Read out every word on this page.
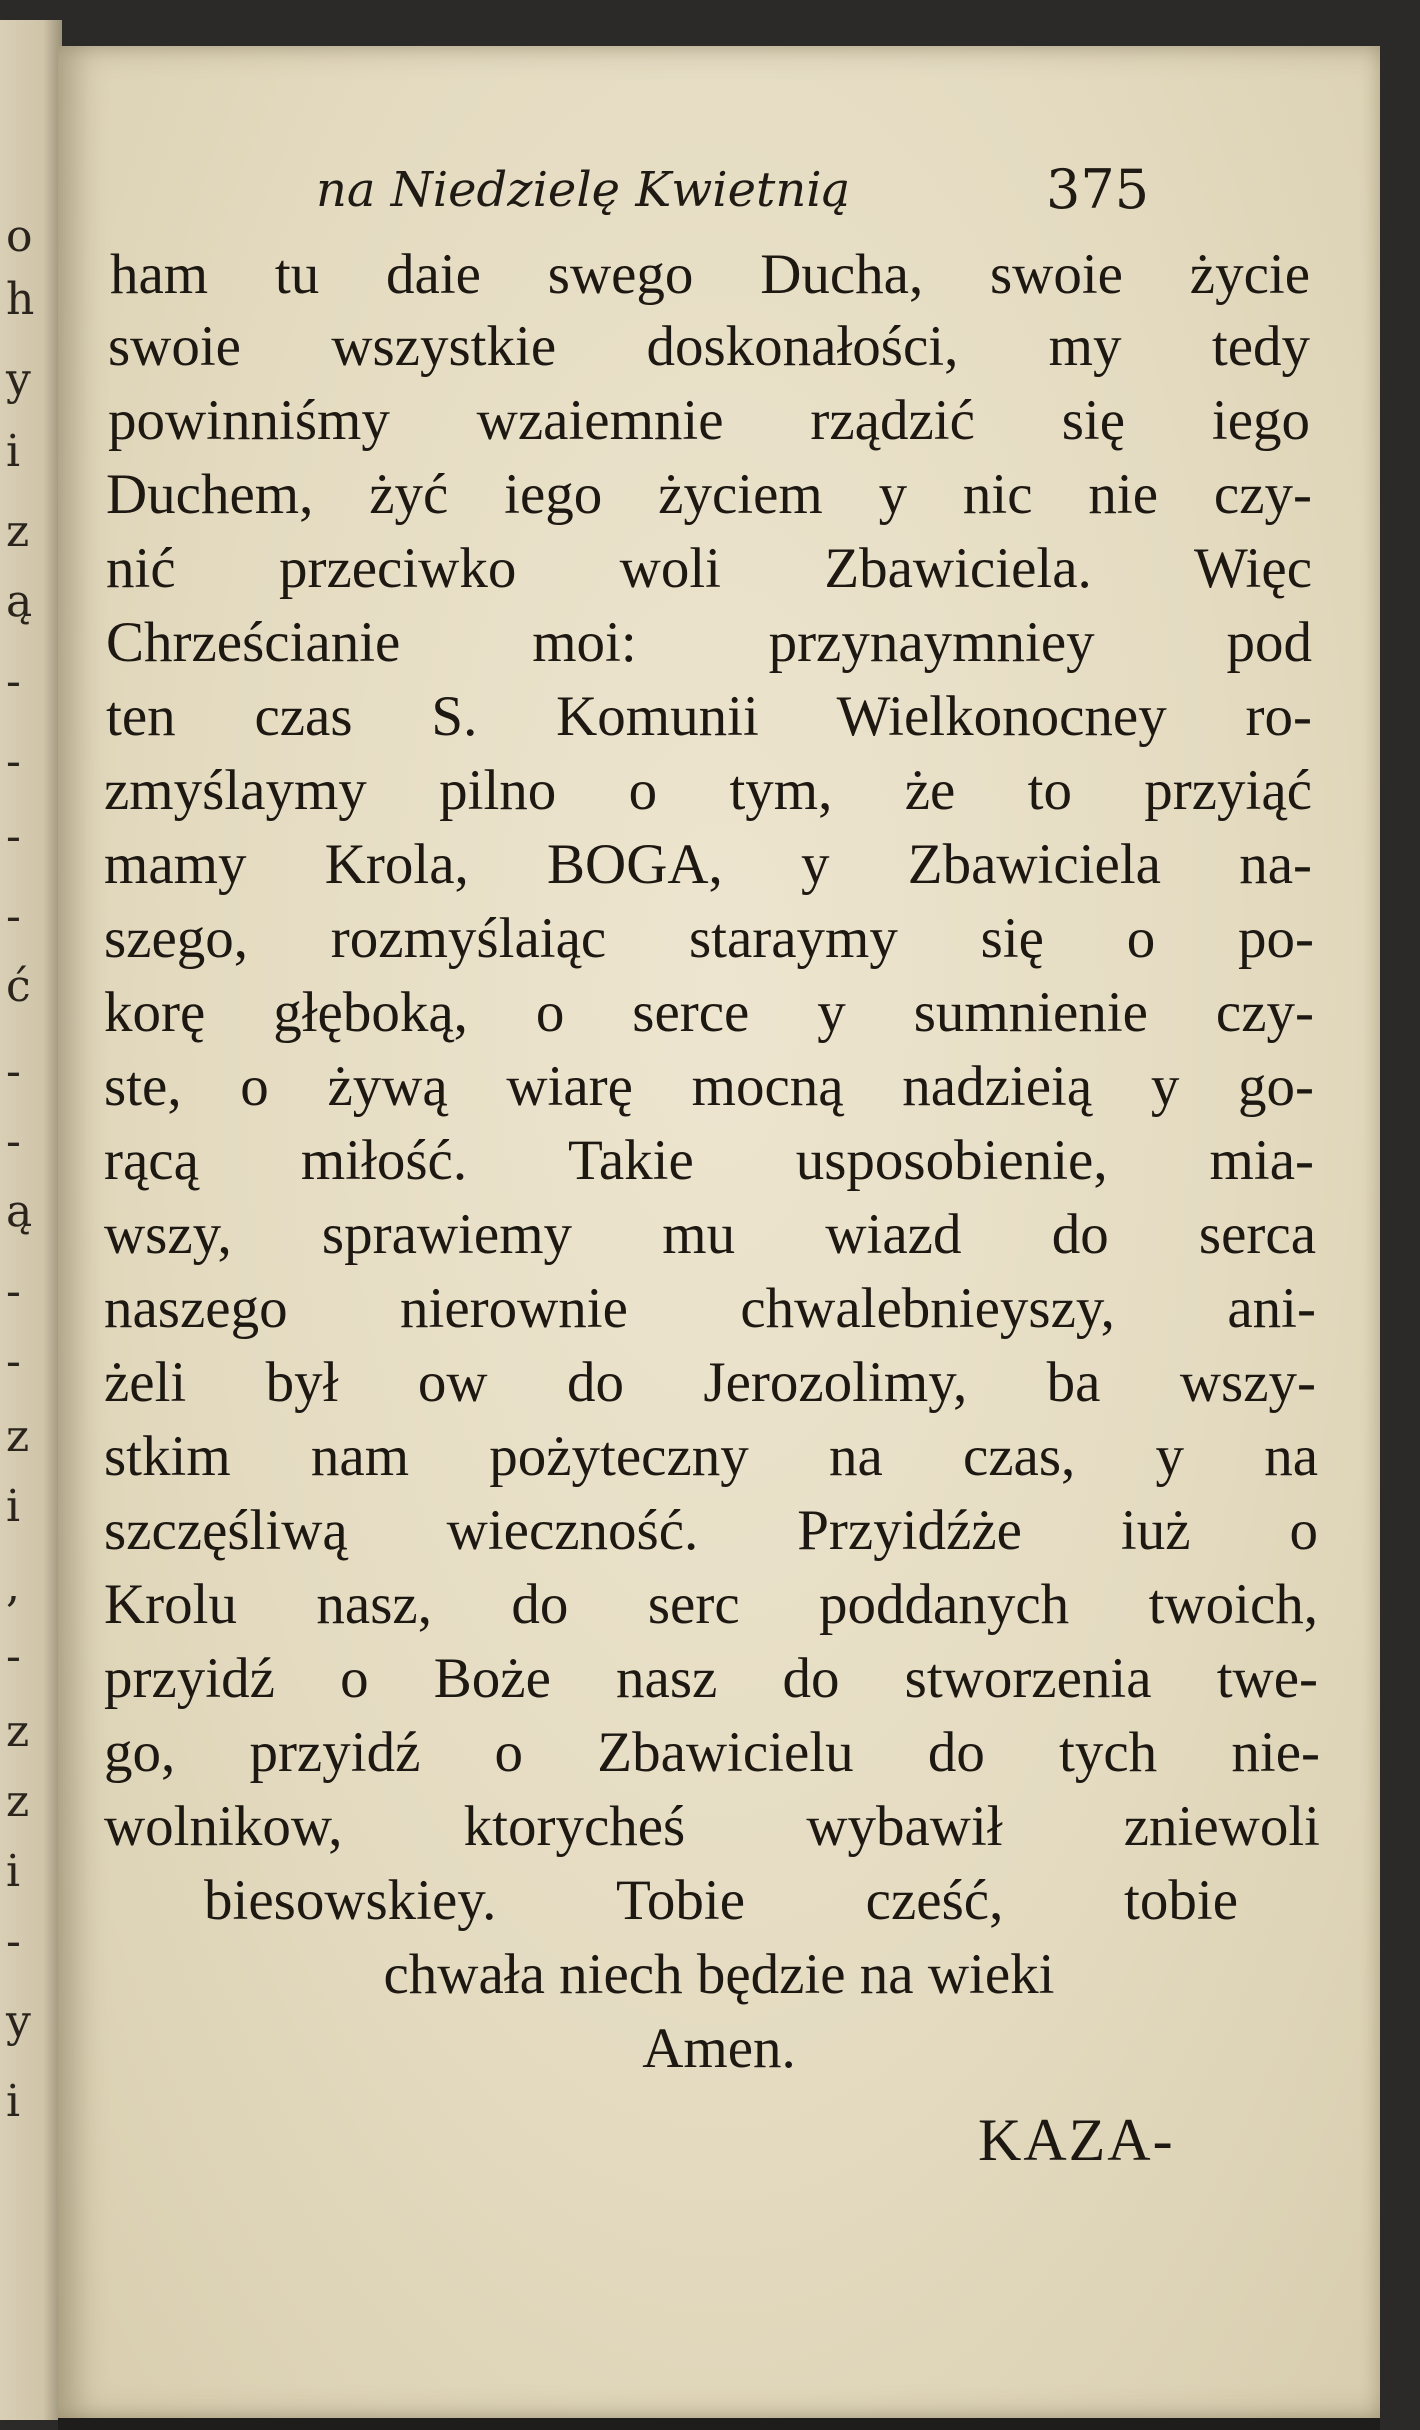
o
h
y
i
z
ą
-
-
-
-
ć
-
-
ą
-
-
z
i
,
-
z
z
i
-
y
i
na Niedzielę Kwietnią	375
ham tu daie swego Ducha, swoie życie
swoie wszystkie doskonałości, my tedy
powinniśmy wzaiemnie rządzić się iego
Duchem, żyć iego życiem y nic nie czy-
nić przeciwko woli Zbawiciela. Więc
Chrześcianie moi: przynaymniey pod
ten czas S. Komunii Wielkonocney ro-
zmyślaymy pilno o tym, że to przyiąć
mamy Krola, BOGA, y Zbawiciela na-
szego, rozmyślaiąc staraymy się o po-
korę głęboką, o serce y sumnienie czy-
ste, o żywą wiarę mocną nadzieią y go-
rącą miłość. Takie usposobienie, mia-
wszy, sprawiemy mu wiazd do serca
naszego nierownie chwalebnieyszy, ani-
żeli był ow do Jerozolimy, ba wszy-
stkim nam pożyteczny na czas, y na
szczęśliwą wieczność. Przyidźże iuż o
Krolu nasz, do serc poddanych twoich,
przyidź o Boże nasz do stworzenia twe-
go, przyidź o Zbawicielu do tych nie-
wolnikow, ktorycheś wybawił zniewoli
biesowskiey. Tobie cześć, tobie
chwała niech będzie na wieki
Amen.
KAZA-
